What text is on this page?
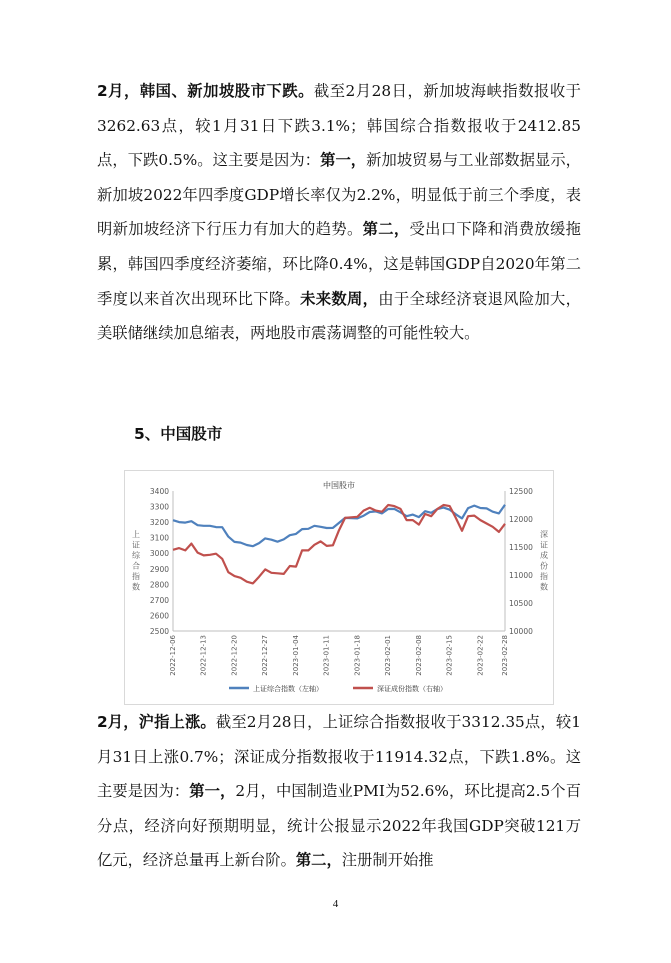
2月，韩国、新加坡股市下跌。截至2月28日，新加坡海峡指数报收于3262.63点，较1月31日下跌3.1%；韩国综合指数报收于2412.85点，下跌0.5%。这主要是因为：第一，新加坡贸易与工业部数据显示，新加坡2022年四季度GDP增长率仅为2.2%，明显低于前三个季度，表明新加坡经济下行压力有加大的趋势。第二，受出口下降和消费放缓拖累，韩国四季度经济萎缩，环比降0.4%，这是韩国GDP自2020年第二季度以来首次出现环比下降。未来数周，由于全球经济衰退风险加大，美联储继续加息缩表，两地股市震荡调整的可能性较大。

5、中国股市
中国股市
3400
3300
3200
3100
3000
2900
2800
2700
2600
2500
12500
12000
11500
11000
10500
10000
上证综合指数
深证成份指数
2022-12-06	2022-12-13	2022-12-20	2022-12-27	2023-01-04	2023-01-11	2023-01-18	2023-02-01	2023-02-08	2023-02-15	2023-02-22 2023-02-28
上证综合指数（左轴）	深证成份指数（右轴）

2月，沪指上涨。截至2月28日，上证综合指数报收于3312.35点，较1月31日上涨0.7%；深证成分指数报收于11914.32点，下跌1.8%。这主要是因为：第一，2月，中国制造业PMI为52.6%，环比提高2.5个百分点，经济向好预期明显，统计公报显示2022年我国GDP突破121万亿元，经济总量再上新台阶。第二，注册制开始推

4
